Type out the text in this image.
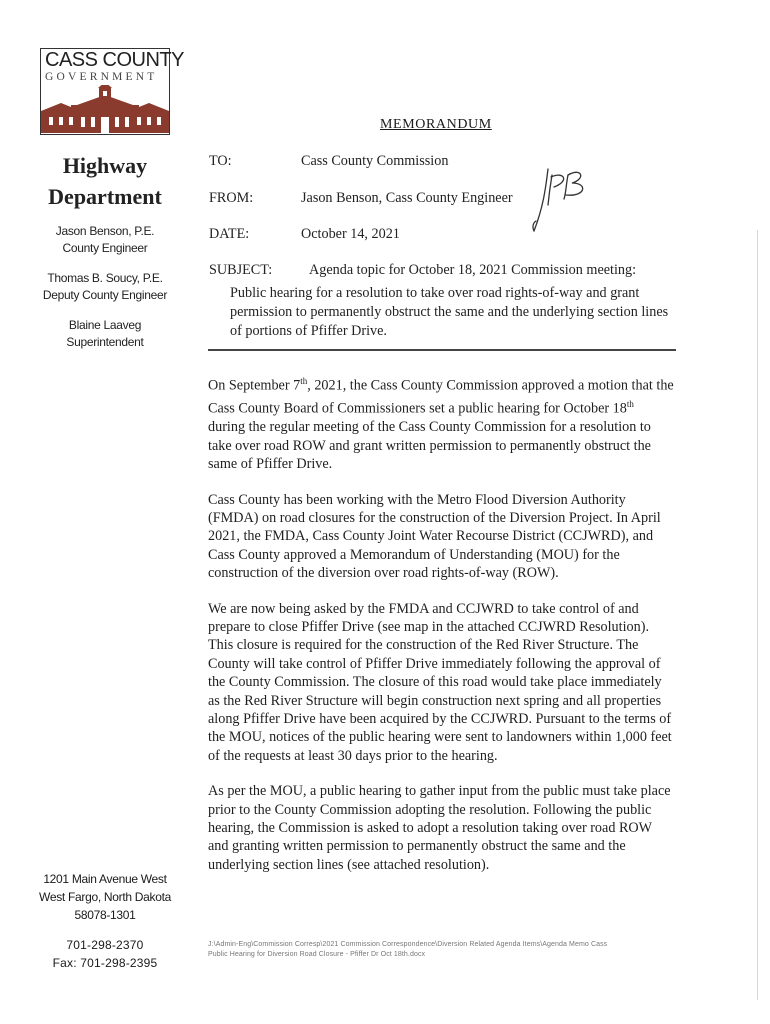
CASS COUNTY
GOVERNMENT
Highway
Department
Jason Benson, P.E.
County Engineer
Thomas B. Soucy, P.E.
Deputy County Engineer
Blaine Laaveg
Superintendent
1201 Main Avenue West
West Fargo, North Dakota
58078-1301
701-298-2370
Fax: 701-298-2395
MEMORANDUM
TO:	Cass County Commission
FROM:	Jason Benson, Cass County Engineer
DATE:	October 14, 2021
SUBJECT:	Agenda topic for October 18, 2021 Commission meeting:
Public hearing for a resolution to take over road rights-of-way and grant permission to permanently obstruct the same and the underlying section lines of portions of Pfiffer Drive.

On September 7th, 2021, the Cass County Commission approved a motion that the Cass County Board of Commissioners set a public hearing for October 18th during the regular meeting of the Cass County Commission for a resolution to take over road ROW and grant written permission to permanently obstruct the same of Pfiffer Drive.

Cass County has been working with the Metro Flood Diversion Authority (FMDA) on road closures for the construction of the Diversion Project. In April 2021, the FMDA, Cass County Joint Water Recourse District (CCJWRD), and Cass County approved a Memorandum of Understanding (MOU) for the construction of the diversion over road rights-of-way (ROW).

We are now being asked by the FMDA and CCJWRD to take control of and prepare to close Pfiffer Drive (see map in the attached CCJWRD Resolution). This closure is required for the construction of the Red River Structure. The County will take control of Pfiffer Drive immediately following the approval of the County Commission. The closure of this road would take place immediately as the Red River Structure will begin construction next spring and all properties along Pfiffer Drive have been acquired by the CCJWRD. Pursuant to the terms of the MOU, notices of the public hearing were sent to landowners within 1,000 feet of the requests at least 30 days prior to the hearing.

As per the MOU, a public hearing to gather input from the public must take place prior to the County Commission adopting the resolution. Following the public hearing, the Commission is asked to adopt a resolution taking over road ROW and granting written permission to permanently obstruct the same and the underlying section lines (see attached resolution).

J:\Admin-Eng\Commission Corresp\2021 Commission Correspondence\Diversion Related Agenda Items\Agenda Memo Cass
Public Hearing for Diversion Road Closure - Pfiffer Dr Oct 18th.docx
